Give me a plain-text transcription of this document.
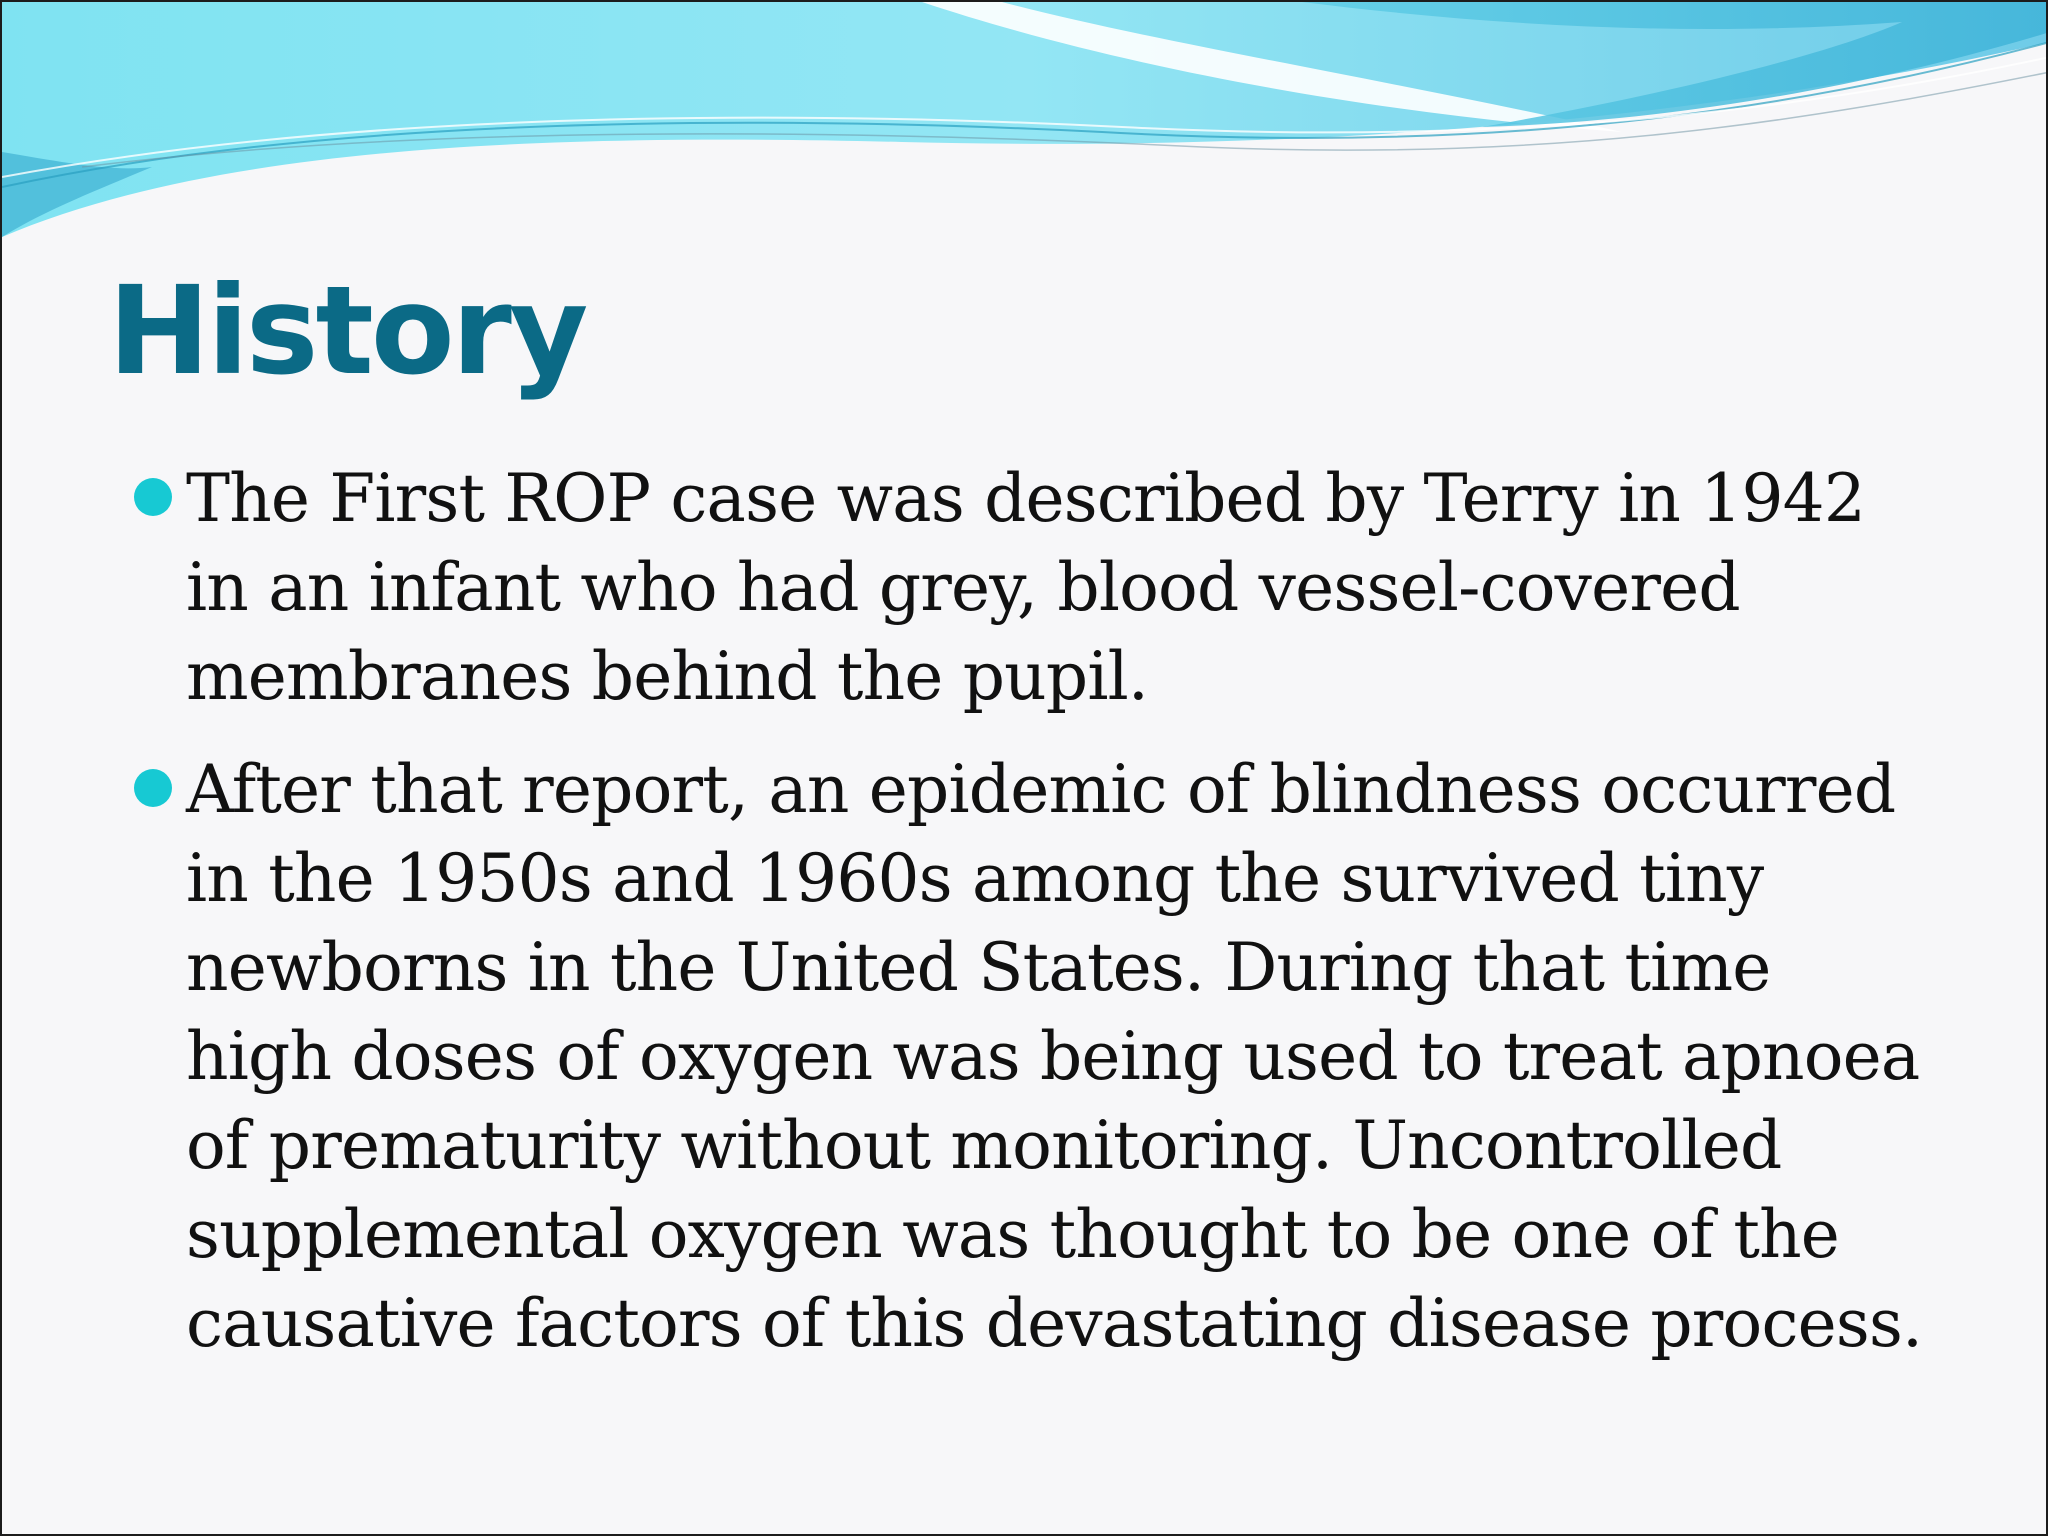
History
The First ROP case was described by Terry in 1942 in an infant who had grey, blood vessel-covered membranes behind the pupil.
After that report, an epidemic of blindness occurred in the 1950s and 1960s among the survived tiny newborns in the United States. During that time high doses of oxygen was being used to treat apnoea of prematurity without monitoring. Uncontrolled supplemental oxygen was thought to be one of the causative factors of this devastating disease process.
